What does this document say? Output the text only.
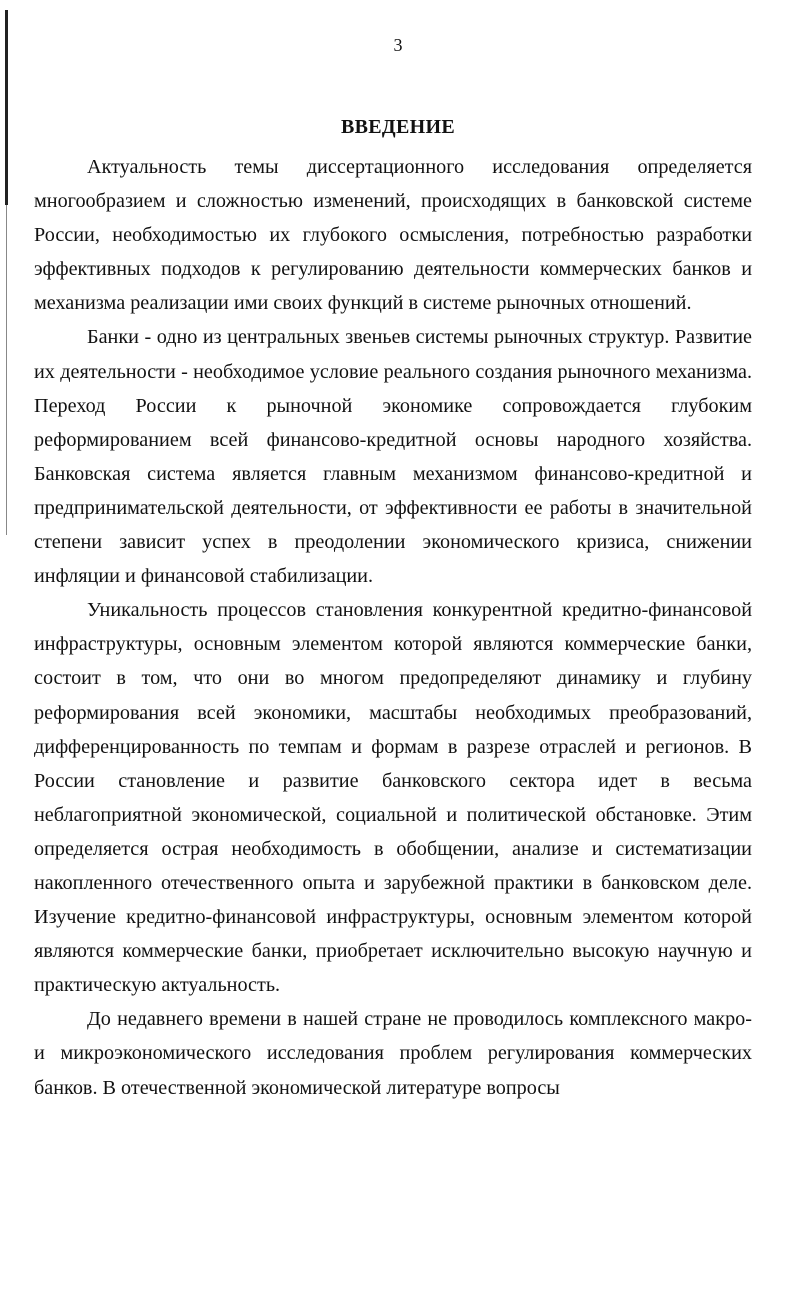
3
ВВЕДЕНИЕ

Актуальность темы диссертационного исследования определяется многообразием и сложностью изменений, происходящих в банковской системе России, необходимостью их глубокого осмысления, потребностью разработки эффективных подходов к регулированию деятельности коммерческих банков и механизма реализации ими своих функций в системе рыночных отношений.

Банки - одно из центральных звеньев системы рыночных структур. Развитие их деятельности - необходимое условие реального создания рыночного механизма. Переход России к рыночной экономике сопровождается глубоким реформированием всей финансово-кредитной основы народного хозяйства. Банковская система является главным механизмом финансово-кредитной и предпринимательской деятельности, от эффективности ее работы в значительной степени зависит успех в преодолении экономического кризиса, снижении инфляции и финансовой стабилизации.

Уникальность процессов становления конкурентной кредитно-финансовой инфраструктуры, основным элементом которой являются коммерческие банки, состоит в том, что они во многом предопределяют динамику и глубину реформирования всей экономики, масштабы необходимых преобразований, дифференцированность по темпам и формам в разрезе отраслей и регионов. В России становление и развитие банковского сектора идет в весьма неблагоприятной экономической, социальной и политической обстановке. Этим определяется острая необходимость в обобщении, анализе и систематизации накопленного отечественного опыта и зарубежной практики в банковском деле. Изучение кредитно-финансовой инфраструктуры, основным элементом которой являются коммерческие банки, приобретает исключительно высокую научную и практическую актуальность.

До недавнего времени в нашей стране не проводилось комплексного макро- и микроэкономического исследования проблем регулирования коммерческих банков. В отечественной экономической литературе вопросы
